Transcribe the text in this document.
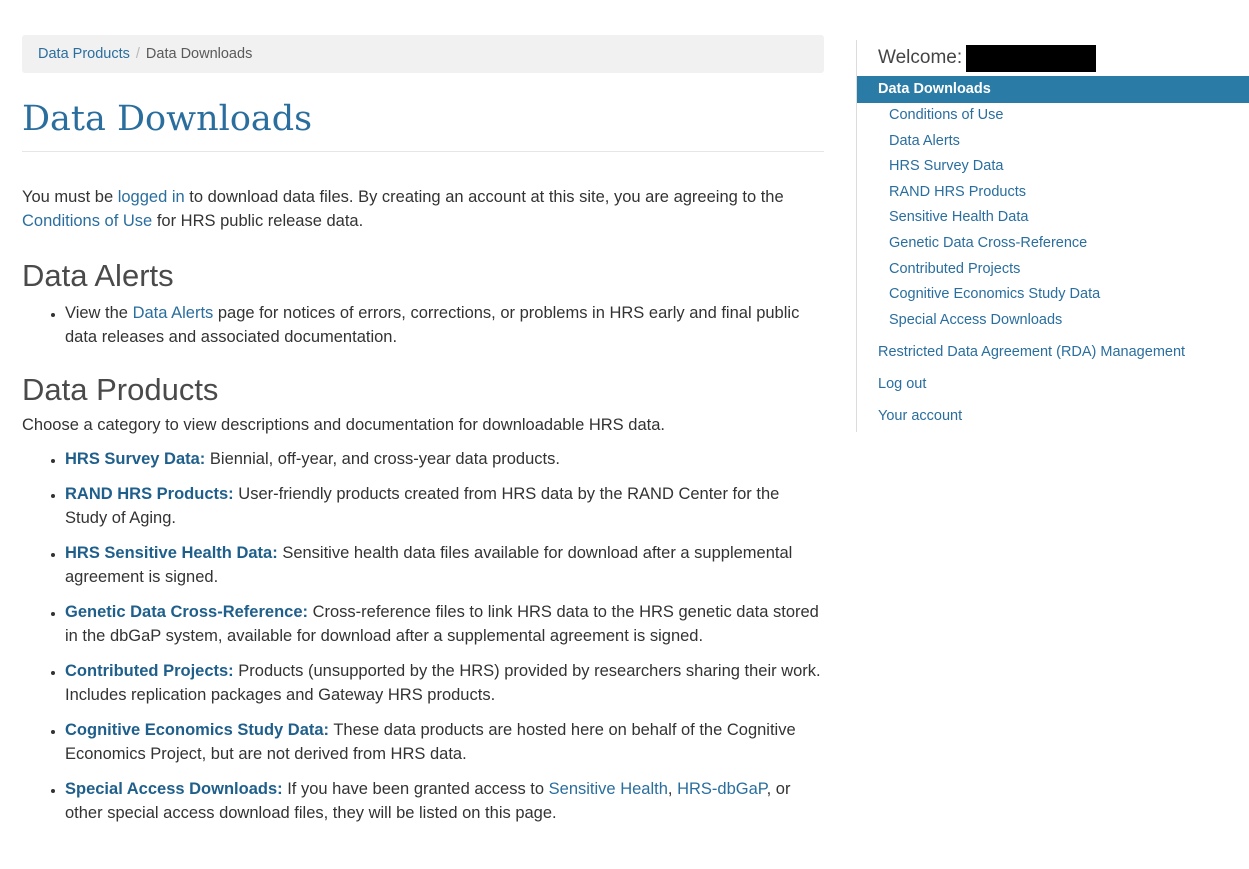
Data Products / Data Downloads
Data Downloads

You must be logged in to download data files. By creating an account at this site, you are agreeing to the Conditions of Use for HRS public release data.

Data Alerts
• View the Data Alerts page for notices of errors, corrections, or problems in HRS early and final public data releases and associated documentation.
Data Products

Choose a category to view descriptions and documentation for downloadable HRS data.

• HRS Survey Data: Biennial, off-year, and cross-year data products.
• RAND HRS Products: User-friendly products created from HRS data by the RAND Center for the Study of Aging.
• HRS Sensitive Health Data: Sensitive health data files available for download after a supplemental agreement is signed.
• Genetic Data Cross-Reference: Cross-reference files to link HRS data to the HRS genetic data stored in the dbGaP system, available for download after a supplemental agreement is signed.
• Contributed Projects: Products (unsupported by the HRS) provided by researchers sharing their work. Includes replication packages and Gateway HRS products.
• Cognitive Economics Study Data: These data products are hosted here on behalf of the Cognitive Economics Project, but are not derived from HRS data.
• Special Access Downloads: If you have been granted access to Sensitive Health, HRS-dbGaP, or other special access download files, they will be listed on this page.
Welcome:
Data Downloads
Conditions of Use
Data Alerts
HRS Survey Data
RAND HRS Products
Sensitive Health Data
Genetic Data Cross-Reference
Contributed Projects
Cognitive Economics Study Data
Special Access Downloads
Restricted Data Agreement (RDA) Management
Log out
Your account
